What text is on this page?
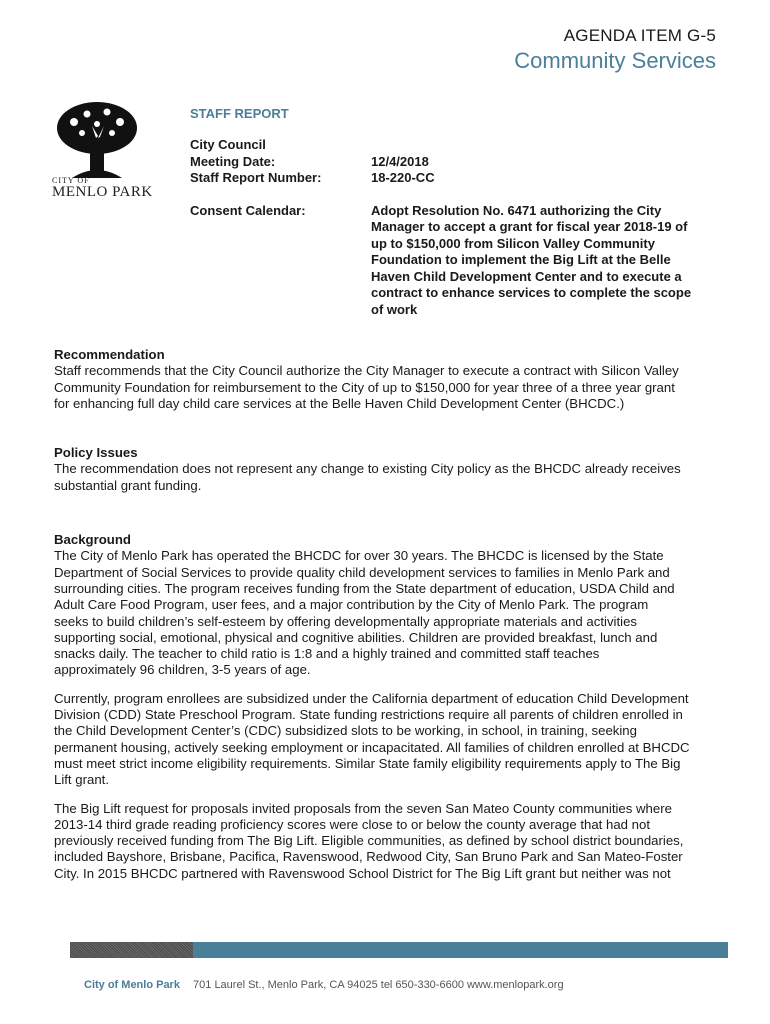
AGENDA ITEM G-5
Community Services
CITY OF
MENLO PARK
STAFF REPORT
City Council
Meeting Date:	12/4/2018
Staff Report Number:	18-220-CC
Consent Calendar:	Adopt Resolution No. 6471 authorizing the City
Manager to accept a grant for fiscal year 2018-19 of
up to $150,000 from Silicon Valley Community
Foundation to implement the Big Lift at the Belle
Haven Child Development Center and to execute a
contract to enhance services to complete the scope
of work
Recommendation

Staff recommends that the City Council authorize the City Manager to execute a contract with Silicon Valley

Community Foundation for reimbursement to the City of up to $150,000 for year three of a three year grant

for enhancing full day child care services at the Belle Haven Child Development Center (BHCDC.)

Policy Issues

The recommendation does not represent any change to existing City policy as the BHCDC already receives

substantial grant funding.

Background

The City of Menlo Park has operated the BHCDC for over 30 years. The BHCDC is licensed by the State

Department of Social Services to provide quality child development services to families in Menlo Park and

surrounding cities. The program receives funding from the State department of education, USDA Child and

Adult Care Food Program, user fees, and a major contribution by the City of Menlo Park. The program

seeks to build children’s self-esteem by offering developmentally appropriate materials and activities

supporting social, emotional, physical and cognitive abilities. Children are provided breakfast, lunch and

snacks daily. The teacher to child ratio is 1:8 and a highly trained and committed staff teaches

approximately 96 children, 3-5 years of age.

Currently, program enrollees are subsidized under the California department of education Child Development

Division (CDD) State Preschool Program. State funding restrictions require all parents of children enrolled in

the Child Development Center’s (CDC) subsidized slots to be working, in school, in training, seeking

permanent housing, actively seeking employment or incapacitated. All families of children enrolled at BHCDC

must meet strict income eligibility requirements. Similar State family eligibility requirements apply to The Big

Lift grant.

The Big Lift request for proposals invited proposals from the seven San Mateo County communities where

2013-14 third grade reading proficiency scores were close to or below the county average that had not

previously received funding from The Big Lift. Eligible communities, as defined by school district boundaries,

included Bayshore, Brisbane, Pacifica, Ravenswood, Redwood City, San Bruno Park and San Mateo-Foster

City. In 2015 BHCDC partnered with Ravenswood School District for The Big Lift grant but neither was not

City of Menlo Park 701 Laurel St., Menlo Park, CA 94025 tel 650-330-6600 www.menlopark.org
